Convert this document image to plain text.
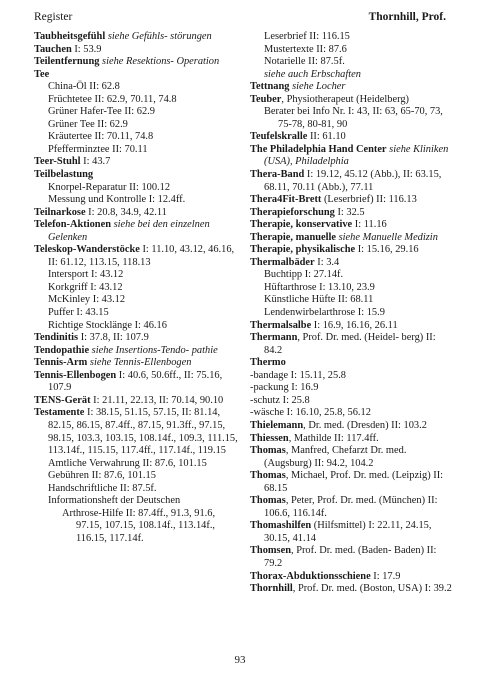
Register	Thornhill, Prof.
Taubheitsgefühl siehe Gefühls- störungen
Tauchen I: 53.9
Teilentfernung siehe Resektions- Operation
Tee
China-Öl II: 62.8
Früchtetee II: 62.9, 70.11, 74.8
Grüner Hafer-Tee II: 62.9
Grüner Tee II: 62.9
Kräutertee II: 70.11, 74.8
Pfefferminztee II: 70.11
Teer-Stuhl I: 43.7
Teilbelastung
Knorpel-Reparatur II: 100.12
Messung und Kontrolle I: 12.4ff.
Teilnarkose I: 20.8, 34.9, 42.11
Telefon-Aktionen siehe bei den einzelnen Gelenken
Teleskop-Wanderstöcke I: 11.10, 43.12, 46.16, II: 61.12, 113.15, 118.13
Intersport I: 43.12
Korkgriff I: 43.12
McKinley I: 43.12
Puffer I: 43.15
Richtige Stocklänge I: 46.16
Tendinitis I: 37.8, II: 107.9
Tendopathie siehe Insertions-Tendo- pathie
Tennis-Arm siehe Tennis-Ellenbogen
Tennis-Ellenbogen I: 40.6, 50.6ff., II: 75.16, 107.9
TENS-Gerät I: 21.11, 22.13, II: 70.14, 90.10
Testamente I: 38.15, 51.15, 57.15, II: 81.14, 82.15, 86.15, 87.4ff., 87.15, 91.3ff., 97.15, 98.15, 103.3, 103.15, 108.14f., 109.3, 111.15, 113.14f., 115.15, 117.4ff., 117.14f., 119.15
Amtliche Verwahrung II: 87.6, 101.15
Gebühren II: 87.6, 101.15
Handschriftliche II: 87.5f.
Informationsheft der Deutschen
Arthrose-Hilfe II: 87.4ff., 91.3, 91.6, 97.15, 107.15, 108.14f., 113.14f., 116.15, 117.14f.
Leserbrief II: 116.15
Mustertexte II: 87.6
Notarielle II: 87.5f.
siehe auch Erbschaften
Tettnang siehe Locher
Teuber, Physiotherapeut (Heidelberg)
Berater bei Info Nr. I: 43, II: 63, 65-70, 73, 75-78, 80-81, 90
Teufelskralle II: 61.10
The Philadelphia Hand Center siehe Kliniken (USA), Philadelphia
Thera-Band I: 19.12, 45.12 (Abb.), II: 63.15, 68.11, 70.11 (Abb.), 77.11
Thera4Fit-Brett (Leserbrief) II: 116.13
Therapieforschung I: 32.5
Therapie, konservative I: 11.16
Therapie, manuelle siehe Manuelle Medizin
Therapie, physikalische I: 15.16, 29.16
Thermalbäder I: 3.4
Buchtipp I: 27.14f.
Hüftarthrose I: 13.10, 23.9
Künstliche Hüfte II: 68.11
Lendenwirbelarthrose I: 15.9
Thermalsalbe I: 16.9, 16.16, 26.11
Thermann, Prof. Dr. med. (Heidel- berg) II: 84.2
Thermo
-bandage I: 15.11, 25.8
-packung I: 16.9
-schutz I: 25.8
-wäsche I: 16.10, 25.8, 56.12
Thielemann, Dr. med. (Dresden) II: 103.2
Thiessen, Mathilde II: 117.4ff.
Thomas, Manfred, Chefarzt Dr. med. (Augsburg) II: 94.2, 104.2
Thomas, Michael, Prof. Dr. med. (Leipzig) II: 68.15
Thomas, Peter, Prof. Dr. med. (München) II: 106.6, 116.14f.
Thomashilfen (Hilfsmittel) I: 22.11, 24.15, 30.15, 41.14
Thomsen, Prof. Dr. med. (Baden- Baden) II: 79.2
Thorax-Abduktionsschiene I: 17.9
Thornhill, Prof. Dr. med. (Boston, USA) I: 39.2
93
